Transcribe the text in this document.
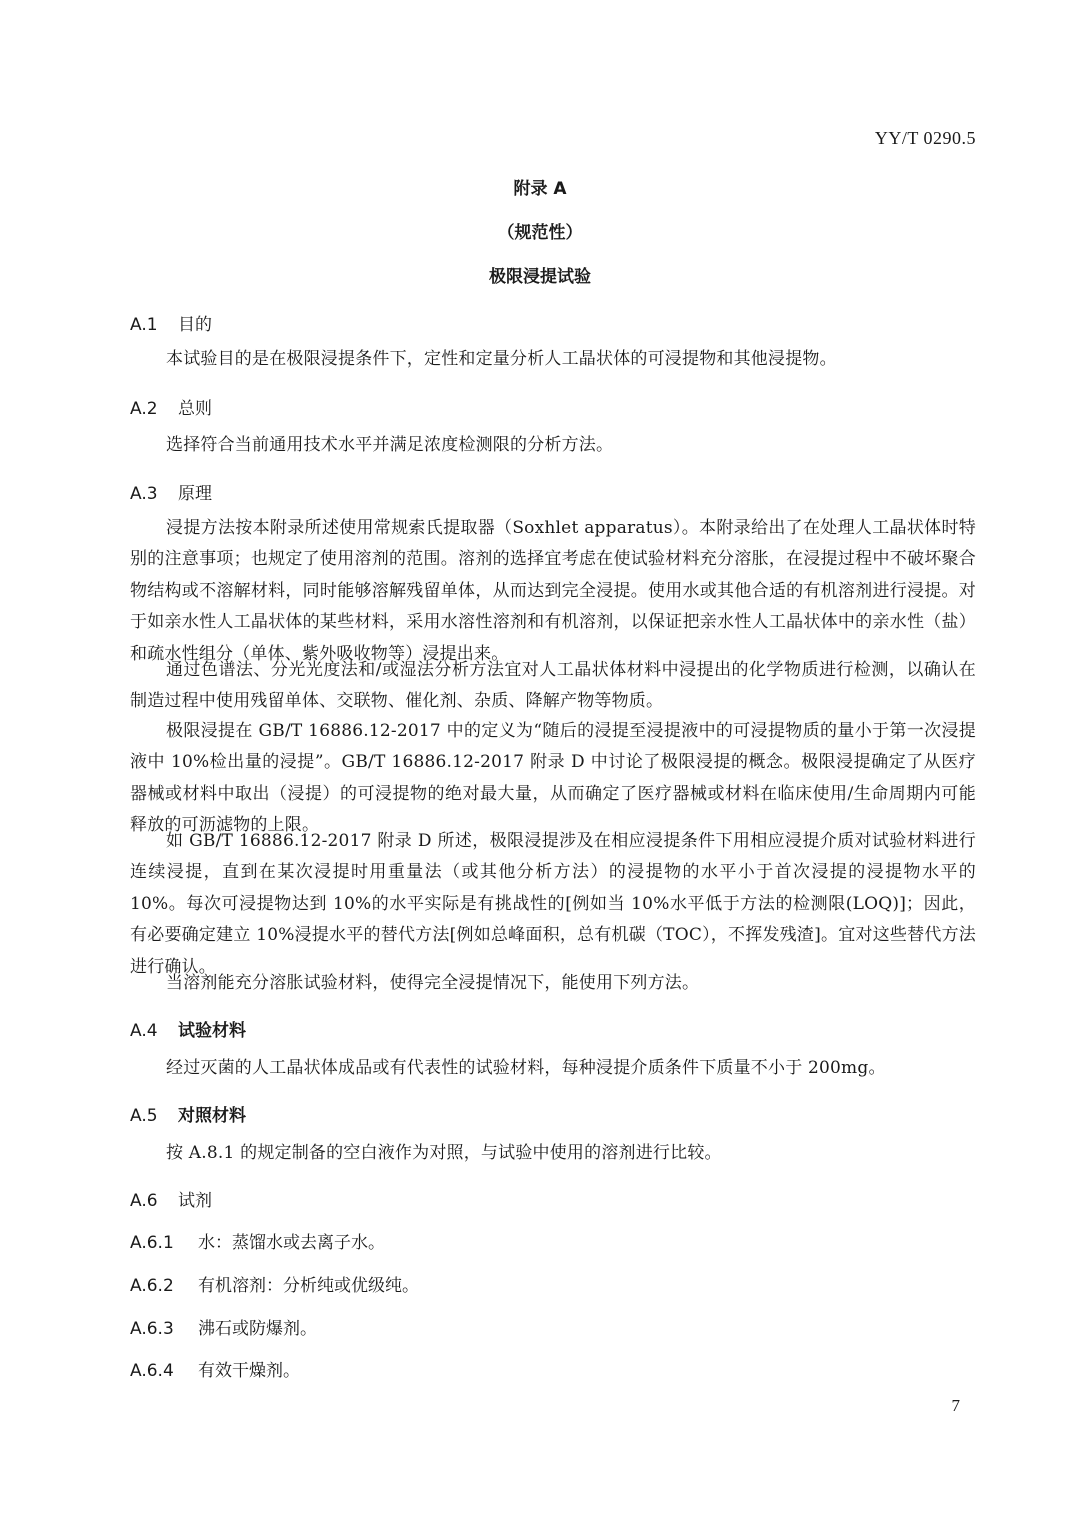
YY/T 0290.5
附录 A
（规范性）
极限浸提试验
A.1 目的
本试验目的是在极限浸提条件下，定性和定量分析人工晶状体的可浸提物和其他浸提物。
A.2 总则
选择符合当前通用技术水平并满足浓度检测限的分析方法。
A.3 原理
浸提方法按本附录所述使用常规索氏提取器（Soxhlet apparatus）。本附录给出了在处理人工晶状体时特别的注意事项；也规定了使用溶剂的范围。溶剂的选择宜考虑在使试验材料充分溶胀，在浸提过程中不破坏聚合物结构或不溶解材料，同时能够溶解残留单体，从而达到完全浸提。使用水或其他合适的有机溶剂进行浸提。对于如亲水性人工晶状体的某些材料，采用水溶性溶剂和有机溶剂，以保证把亲水性人工晶状体中的亲水性（盐）和疏水性组分（单体、紫外吸收物等）浸提出来。
通过色谱法、分光光度法和/或湿法分析方法宜对人工晶状体材料中浸提出的化学物质进行检测，以确认在制造过程中使用残留单体、交联物、催化剂、杂质、降解产物等物质。
极限浸提在 GB/T 16886.12-2017 中的定义为“随后的浸提至浸提液中的可浸提物质的量小于第一次浸提液中 10%检出量的浸提”。GB/T 16886.12-2017 附录 D 中讨论了极限浸提的概念。极限浸提确定了从医疗器械或材料中取出（浸提）的可浸提物的绝对最大量，从而确定了医疗器械或材料在临床使用/生命周期内可能释放的可沥滤物的上限。
如 GB/T 16886.12-2017 附录 D 所述，极限浸提涉及在相应浸提条件下用相应浸提介质对试验材料进行连续浸提，直到在某次浸提时用重量法（或其他分析方法）的浸提物的水平小于首次浸提的浸提物水平的 10%。每次可浸提物达到 10%的水平实际是有挑战性的[例如当 10%水平低于方法的检测限(LOQ)]；因此，有必要确定建立 10%浸提水平的替代方法[例如总峰面积，总有机碳（TOC），不挥发残渣]。宜对这些替代方法进行确认。
当溶剂能充分溶胀试验材料，使得完全浸提情况下，能使用下列方法。
A.4 试验材料
经过灭菌的人工晶状体成品或有代表性的试验材料，每种浸提介质条件下质量不小于 200mg。
A.5 对照材料
按 A.8.1 的规定制备的空白液作为对照，与试验中使用的溶剂进行比较。
A.6 试剂
A.6.1 水：蒸馏水或去离子水。
A.6.2 有机溶剂：分析纯或优级纯。
A.6.3 沸石或防爆剂。
A.6.4 有效干燥剂。
7
